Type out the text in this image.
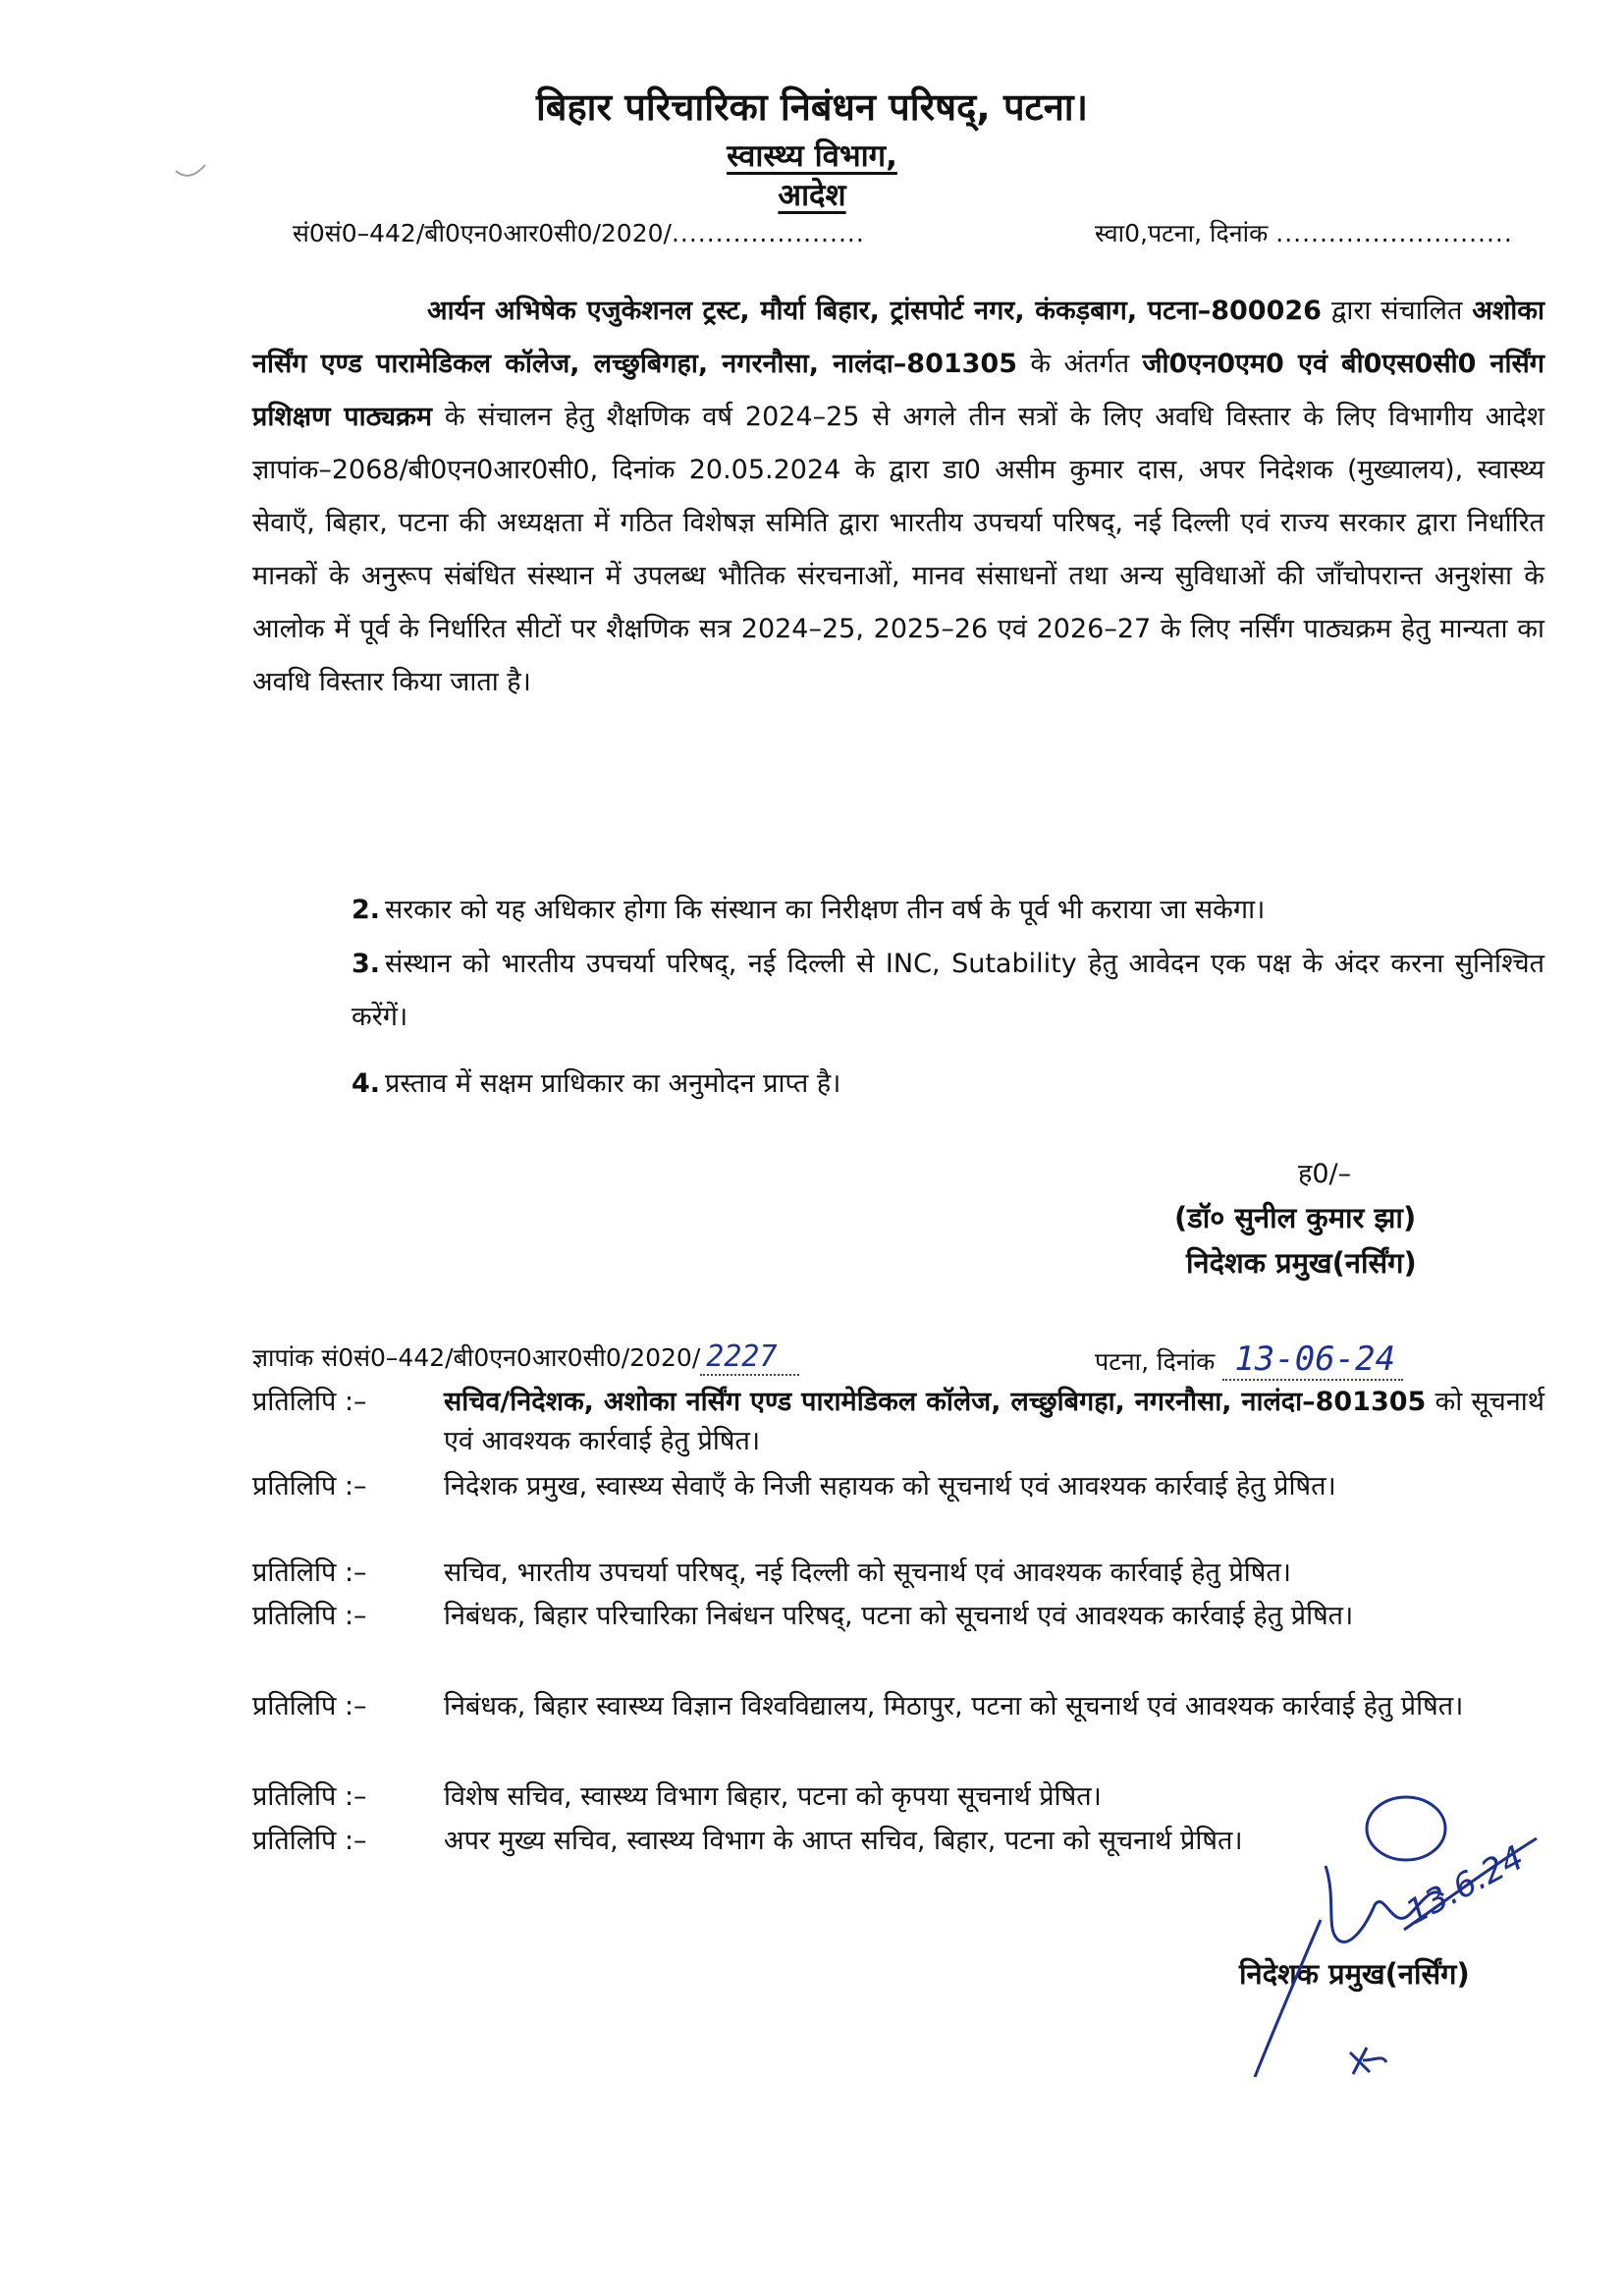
बिहार परिचारिका निबंधन परिषद्, पटना।
स्वास्थ्य विभाग,
आदेश
सं0सं0–442/बी0एन0आर0सी0/2020/......................	स्वा0,पटना, दिनांक ...........................
आर्यन अभिषेक एजुकेशनल ट्रस्ट, मौर्या बिहार, ट्रांसपोर्ट नगर, कंकड़बाग, पटना–800026 द्वारा संचालित अशोका नर्सिंग एण्ड पारामेडिकल कॉलेज, लच्छुबिगहा, नगरनौसा, नालंदा–801305 के अंतर्गत जी0एन0एम0 एवं बी0एस0सी0 नर्सिंग प्रशिक्षण पाठ्यक्रम के संचालन हेतु शैक्षणिक वर्ष 2024–25 से अगले तीन सत्रों के लिए अवधि विस्तार के लिए विभागीय आदेश ज्ञापांक–2068/बी0एन0आर0सी0, दिनांक 20.05.2024 के द्वारा डा0 असीम कुमार दास, अपर निदेशक (मुख्यालय), स्वास्थ्य सेवाएँ, बिहार, पटना की अध्यक्षता में गठित विशेषज्ञ समिति द्वारा भारतीय उपचर्या परिषद्, नई दिल्ली एवं राज्य सरकार द्वारा निर्धारित मानकों के अनुरूप संबंधित संस्थान में उपलब्ध भौतिक संरचनाओं, मानव संसाधनों तथा अन्य सुविधाओं की जाँचोपरान्त अनुशंसा के आलोक में पूर्व के निर्धारित सीटों पर शैक्षणिक सत्र 2024–25, 2025–26 एवं 2026–27 के लिए नर्सिंग पाठ्यक्रम हेतु मान्यता का अवधि विस्तार किया जाता है।
2. सरकार को यह अधिकार होगा कि संस्थान का निरीक्षण तीन वर्ष के पूर्व भी कराया जा सकेगा।
3. संस्थान को भारतीय उपचर्या परिषद्, नई दिल्ली से INC, Sutability हेतु आवेदन एक पक्ष के अंदर करना सुनिश्चित करेंगें।
4. प्रस्ताव में सक्षम प्राधिकार का अनुमोदन प्राप्त है।
ह0/–
(डॉ० सुनील कुमार झा)
निदेशक प्रमुख(नर्सिंग)
ज्ञापांक सं0सं0–442/बी0एन0आर0सी0/2020/ 2227	पटना, दिनांक 13-06-24
प्रतिलिपि :–	सचिव/निदेशक, अशोका नर्सिंग एण्ड पारामेडिकल कॉलेज, लच्छुबिगहा, नगरनौसा, नालंदा–801305 को सूचनार्थ एवं आवश्यक कार्रवाई हेतु प्रेषित।
प्रतिलिपि :–	निदेशक प्रमुख, स्वास्थ्य सेवाएँ के निजी सहायक को सूचनार्थ एवं आवश्यक कार्रवाई हेतु प्रेषित।
प्रतिलिपि :–	सचिव, भारतीय उपचर्या परिषद्, नई दिल्ली को सूचनार्थ एवं आवश्यक कार्रवाई हेतु प्रेषित।
प्रतिलिपि :–	निबंधक, बिहार परिचारिका निबंधन परिषद्, पटना को सूचनार्थ एवं आवश्यक कार्रवाई हेतु प्रेषित।
प्रतिलिपि :–	निबंधक, बिहार स्वास्थ्य विज्ञान विश्वविद्यालय, मिठापुर, पटना को सूचनार्थ एवं आवश्यक कार्रवाई हेतु प्रेषित।
प्रतिलिपि :–	विशेष सचिव, स्वास्थ्य विभाग बिहार, पटना को कृपया सूचनार्थ प्रेषित।
प्रतिलिपि :–	अपर मुख्य सचिव, स्वास्थ्य विभाग के आप्त सचिव, बिहार, पटना को सूचनार्थ प्रेषित।
निदेशक प्रमुख(नर्सिंग)
13.6.24
